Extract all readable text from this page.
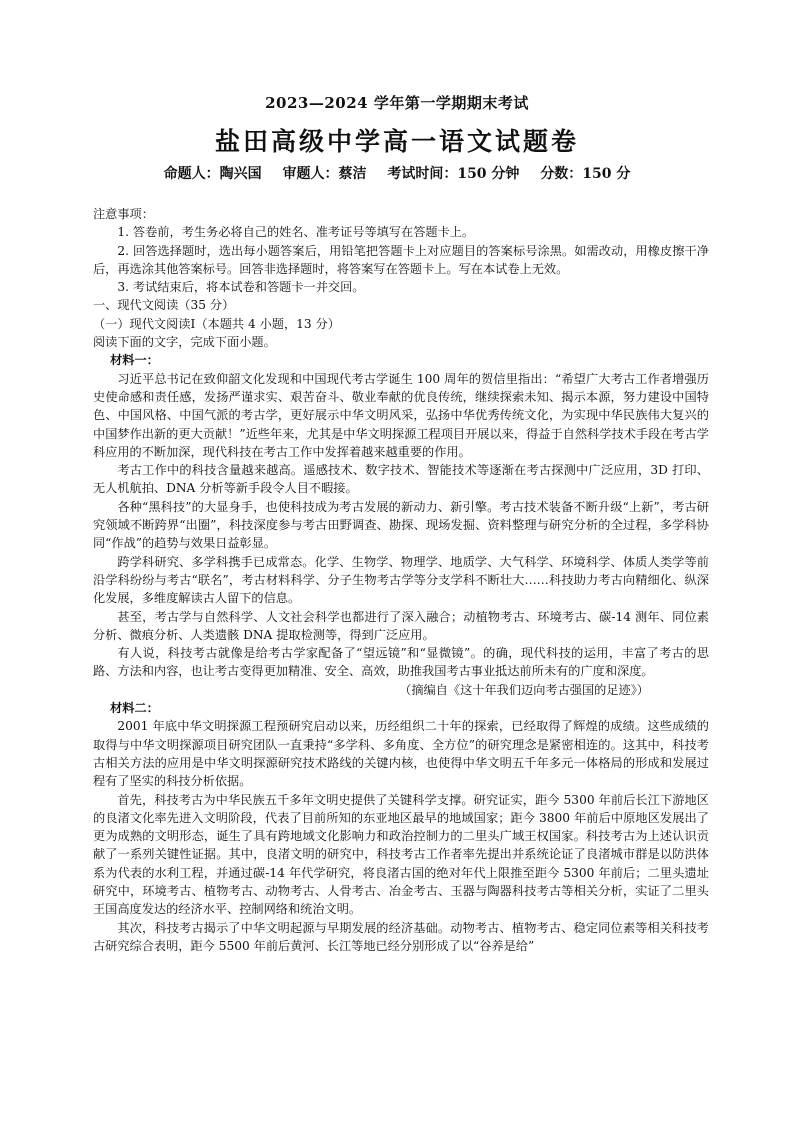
2023—2024 学年第一学期期末考试
盐田高级中学高一语文试题卷
命题人：陶兴国 审题人：蔡洁 考试时间：150 分钟 分数：150 分

注意事项：

1. 答卷前，考生务必将自己的姓名、准考证号等填写在答题卡上。

2. 回答选择题时，选出每小题答案后，用铅笔把答题卡上对应题目的答案标号涂黑。如需改动，用橡皮擦干净后，再选涂其他答案标号。回答非选择题时，将答案写在答题卡上。写在本试卷上无效。

3. 考试结束后，将本试卷和答题卡一并交回。

一、现代文阅读（35 分）

（一）现代文阅读Ⅰ（本题共 4 小题，13 分）

阅读下面的文字，完成下面小题。

材料一：

习近平总书记在致仰韶文化发现和中国现代考古学诞生 100 周年的贺信里指出：“希望广大考古工作者增强历史使命感和责任感，发扬严谨求实、艰苦奋斗、敬业奉献的优良传统，继续探索未知、揭示本源，努力建设中国特色、中国风格、中国气派的考古学，更好展示中华文明风采，弘扬中华优秀传统文化，为实现中华民族伟大复兴的中国梦作出新的更大贡献！”近些年来，尤其是中华文明探源工程项目开展以来，得益于自然科学技术手段在考古学科应用的不断加深，现代科技在考古工作中发挥着越来越重要的作用。

考古工作中的科技含量越来越高。遥感技术、数字技术、智能技术等逐渐在考古探测中广泛应用，3D 打印、无人机航拍、DNA 分析等新手段令人目不暇接。

各种“黑科技”的大显身手，也使科技成为考古发展的新动力、新引擎。考古技术装备不断升级“上新”，考古研究领域不断跨界“出圈”，科技深度参与考古田野调查、勘探、现场发掘、资料整理与研究分析的全过程，多学科协同“作战”的趋势与效果日益彰显。

跨学科研究、多学科携手已成常态。化学、生物学、物理学、地质学、大气科学、环境科学、体质人类学等前沿学科纷纷与考古“联名”，考古材料科学、分子生物考古学等分支学科不断壮大……科技助力考古向精细化、纵深化发展，多维度解读古人留下的信息。

甚至，考古学与自然科学、人文社会科学也都进行了深入融合；动植物考古、环境考古、碳-14 测年、同位素分析、微痕分析、人类遗骸 DNA 提取检测等，得到广泛应用。

有人说，科技考古就像是给考古学家配备了“望远镜”和“显微镜”。的确，现代科技的运用，丰富了考古的思路、方法和内容，也让考古变得更加精准、安全、高效，助推我国考古事业抵达前所未有的广度和深度。

（摘编自《这十年我们迈向考古强国的足迹》）

材料二：

2001 年底中华文明探源工程预研究启动以来，历经组织二十年的探索，已经取得了辉煌的成绩。这些成绩的取得与中华文明探源项目研究团队一直秉持“多学科、多角度、全方位”的研究理念是紧密相连的。这其中，科技考古相关方法的应用是中华文明探源研究技术路线的关键内核，也使得中华文明五千年多元一体格局的形成和发展过程有了坚实的科技分析依据。

首先，科技考古为中华民族五千多年文明史提供了关键科学支撑。研究证实，距今 5300 年前后长江下游地区的良渚文化率先进入文明阶段，代表了目前所知的东亚地区最早的地域国家；距今 3800 年前后中原地区发展出了更为成熟的文明形态，诞生了具有跨地域文化影响力和政治控制力的二里头广域王权国家。科技考古为上述认识贡献了一系列关键性证据。其中，良渚文明的研究中，科技考古工作者率先提出并系统论证了良渚城市群是以防洪体系为代表的水利工程，并通过碳-14 年代学研究，将良渚古国的绝对年代上限推至距今 5300 年前后；二里头遗址研究中，环境考古、植物考古、动物考古、人骨考古、冶金考古、玉器与陶器科技考古等相关分析，实证了二里头王国高度发达的经济水平、控制网络和统治文明。

其次，科技考古揭示了中华文明起源与早期发展的经济基础。动物考古、植物考古、稳定同位素等相关科技考古研究综合表明，距今 5500 年前后黄河、长江等地已经分别形成了以“谷养是给”
